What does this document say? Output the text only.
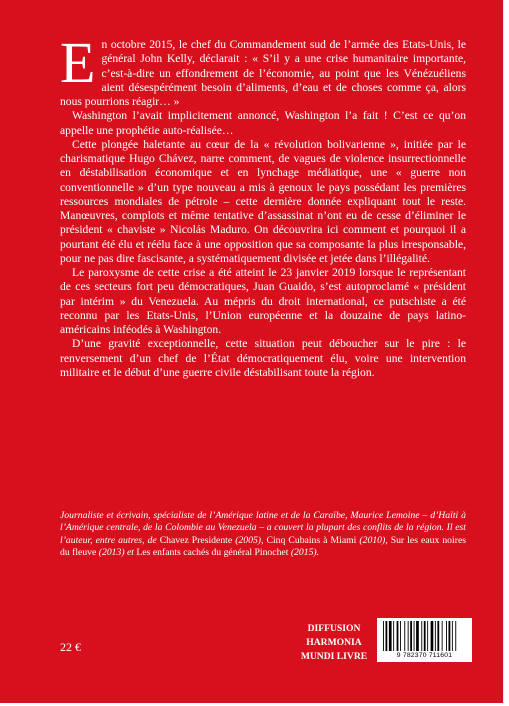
En octobre 2015, le chef du Commandement sud de l’armée des Etats-Unis, le général John Kelly, déclarait : « S’il y a une crise humanitaire importante, c’est-à-dire un effondrement de l’économie, au point que les Vénézuéliens aient désespérément besoin d’aliments, d’eau et de choses comme ça, alors nous pourrions réagir… »

Washington l’avait implicitement annoncé, Washington l’a fait ! C’est ce qu’on appelle une prophétie auto-réalisée…

Cette plongée haletante au cœur de la « révolution bolivarienne », initiée par le charismatique Hugo Chávez, narre comment, de vagues de violence insurrectionnelle en déstabilisation économique et en lynchage médiatique, une « guerre non conventionnelle » d’un type nouveau a mis à genoux le pays possédant les premières ressources mondiales de pétrole – cette dernière donnée expliquant tout le reste. Manœuvres, complots et même tentative d’assassinat n’ont eu de cesse d’éliminer le président « chaviste » Nicolás Maduro. On découvrira ici comment et pourquoi il a pourtant été élu et réélu face à une opposition que sa composante la plus irresponsable, pour ne pas dire fascisante, a systématiquement divisée et jetée dans l’illégalité.

Le paroxysme de cette crise a été atteint le 23 janvier 2019 lorsque le représentant de ces secteurs fort peu démocratiques, Juan Guaido, s’est autoproclamé « président par intérim » du Venezuela. Au mépris du droit international, ce putschiste a été reconnu par les Etats-Unis, l’Union européenne et la douzaine de pays latino-américains inféodés à Washington.

D’une gravité exceptionnelle, cette situation peut déboucher sur le pire : le renversement d’un chef de l’État démocratiquement élu, voire une intervention militaire et le début d’une guerre civile déstabilisant toute la région.

Journaliste et écrivain, spécialiste de l’Amérique latine et de la Caraïbe, Maurice Lemoine – d’Haïti à l’Amérique centrale, de la Colombie au Venezuela – a couvert la plupart des conflits de la région. Il est l’auteur, entre autres, de Chavez Presidente (2005), Cinq Cubains à Miami (2010), Sur les eaux noires du fleuve (2013) et Les enfants cachés du général Pinochet (2015).

22 €
DIFFUSION
HARMONIA
MUNDI LIVRE	9 782370 711601
